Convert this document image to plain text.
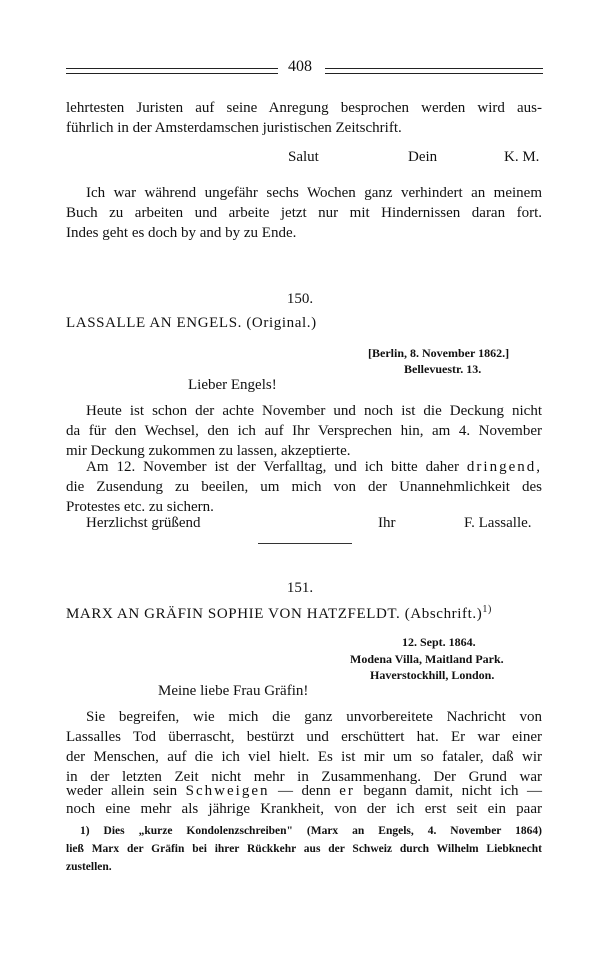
408
lehrtesten Juristen auf seine Anregung besprochen werden wird aus-
führlich in der Amsterdamschen juristischen Zeitschrift.
Salut	Dein	K. M.
Ich war während ungefähr sechs Wochen ganz verhindert an meinem
Buch zu arbeiten und arbeite jetzt nur mit Hindernissen daran fort.
Indes geht es doch by and by zu Ende.
150.
LASSALLE AN ENGELS. (Original.)
[Berlin, 8. November 1862.]
Bellevuestr. 13.
Lieber Engels!
Heute ist schon der achte November und noch ist die Deckung nicht
da für den Wechsel, den ich auf Ihr Versprechen hin, am 4. November
mir Deckung zukommen zu lassen, akzeptierte.
Am 12. November ist der Verfalltag, und ich bitte daher dringend,
die Zusendung zu beeilen, um mich von der Unannehmlichkeit des
Protestes etc. zu sichern.
Herzlichst grüßend	Ihr	F. Lassalle.
151.
MARX AN GRÄFIN SOPHIE VON HATZFELDT. (Abschrift.)$^{1)}$
12. Sept. 1864.
Modena Villa, Maitland Park.
Haverstockhill, London.
Meine liebe Frau Gräfin!
Sie begreifen, wie mich die ganz unvorbereitete Nachricht von
Lassalles Tod überrascht, bestürzt und erschüttert hat. Er war einer
der Menschen, auf die ich viel hielt. Es ist mir um so fataler, daß wir
in der letzten Zeit nicht mehr in Zusammenhang. Der Grund war
weder allein sein Schweigen — denn er begann damit, nicht ich —
noch eine mehr als jährige Krankheit, von der ich erst seit ein paar
1) Dies „kurze Kondolenzschreiben" (Marx an Engels, 4. November 1864)
ließ Marx der Gräfin bei ihrer Rückkehr aus der Schweiz durch Wilhelm Liebknecht
zustellen.
